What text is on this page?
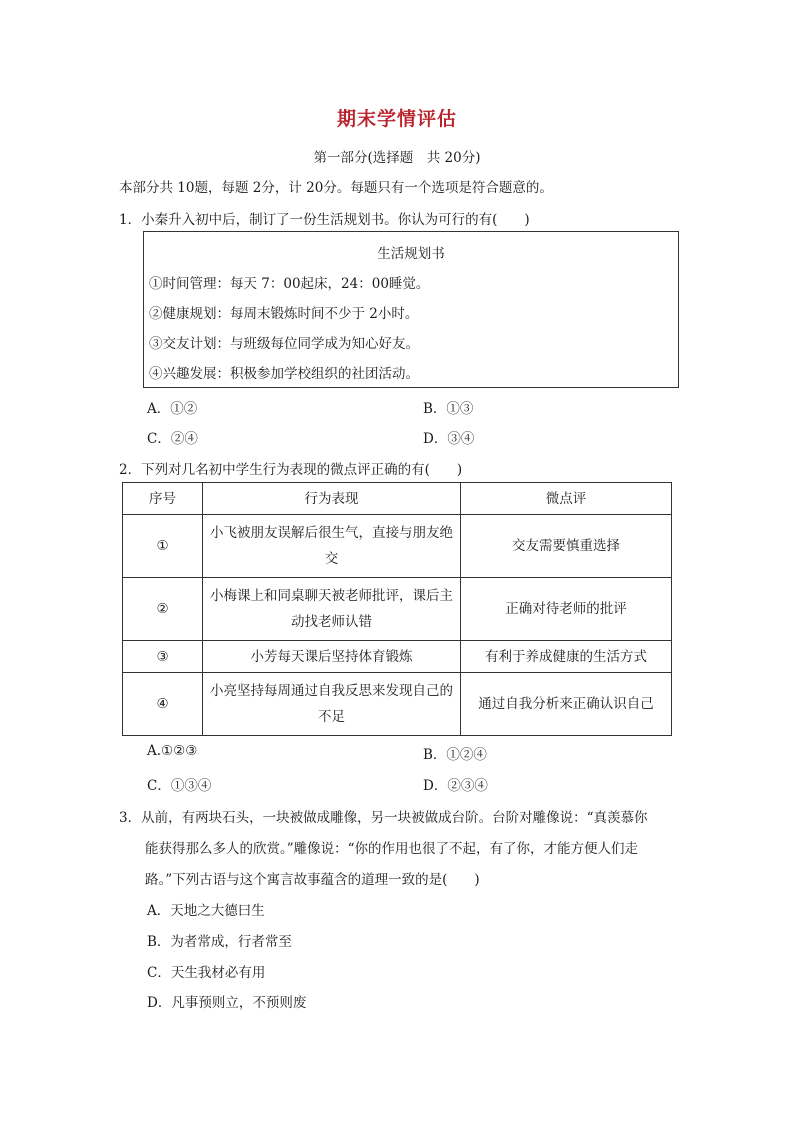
期末学情评估
第一部分(选择题　共 20分)
本部分共 10题，每题 2分，计 20分。每题只有一个选项是符合题意的。
1．小秦升入初中后，制订了一份生活规划书。你认为可行的有(　　)
生活规划书
①时间管理：每天 7：00起床，24：00睡觉。
②健康规划：每周末锻炼时间不少于 2小时。
③交友计划：与班级每位同学成为知心好友。
④兴趣发展：积极参加学校组织的社团活动。
A．①②	B．①③
C．②④	D．③④
2．下列对几名初中学生行为表现的微点评正确的有(　　)
序号	行为表现	微点评
①	小飞被朋友误解后很生气，直接与朋友绝交	交友需要慎重选择
②	小梅课上和同桌聊天被老师批评，课后主动找老师认错	正确对待老师的批评
③	小芳每天课后坚持体育锻炼	有利于养成健康的生活方式
④	小亮坚持每周通过自我反思来发现自己的不足	通过自我分析来正确认识自己
A.①②③	B．①②④
C．①③④	D．②③④
3．从前，有两块石头，一块被做成雕像，另一块被做成台阶。台阶对雕像说：“真羡慕你
能获得那么多人的欣赏。”雕像说：“你的作用也很了不起，有了你，才能方便人们走
路。”下列古语与这个寓言故事蕴含的道理一致的是(　　)
A．天地之大德曰生
B．为者常成，行者常至
C．天生我材必有用
D．凡事预则立，不预则废
